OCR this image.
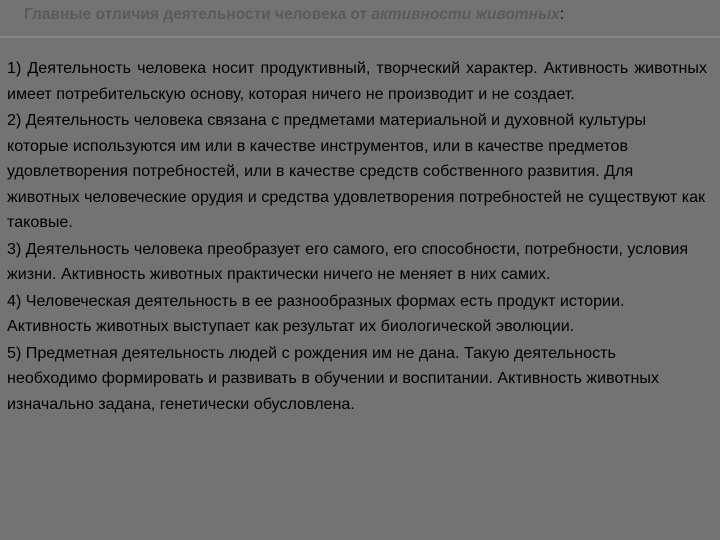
Главные отличия деятельности человека от активности животных:
1) Деятельность человека носит продуктивный, творческий характер. Активность животных имеет потребительскую основу, которая ничего не производит и не создает.
2) Деятельность человека связана с предметами материальной и духовной культуры которые используются им или в качестве инструментов, или в качестве предметов удовлетворения потребностей, или в качестве средств собственного развития. Для животных человеческие орудия и средства удовлетворения потребностей не существуют как таковые.
3) Деятельность человека преобразует его самого, его способности, потребности, условия жизни. Активность животных практически ничего не меняет в них самих.
4) Человеческая деятельность в ее разнообразных формах есть продукт истории. Активность животных выступает как результат их биологической эволюции.
5) Предметная деятельность людей с рождения им не дана. Такую деятельность необходимо формировать и развивать в обучении и воспитании. Активность животных изначально задана, генетически обусловлена.
